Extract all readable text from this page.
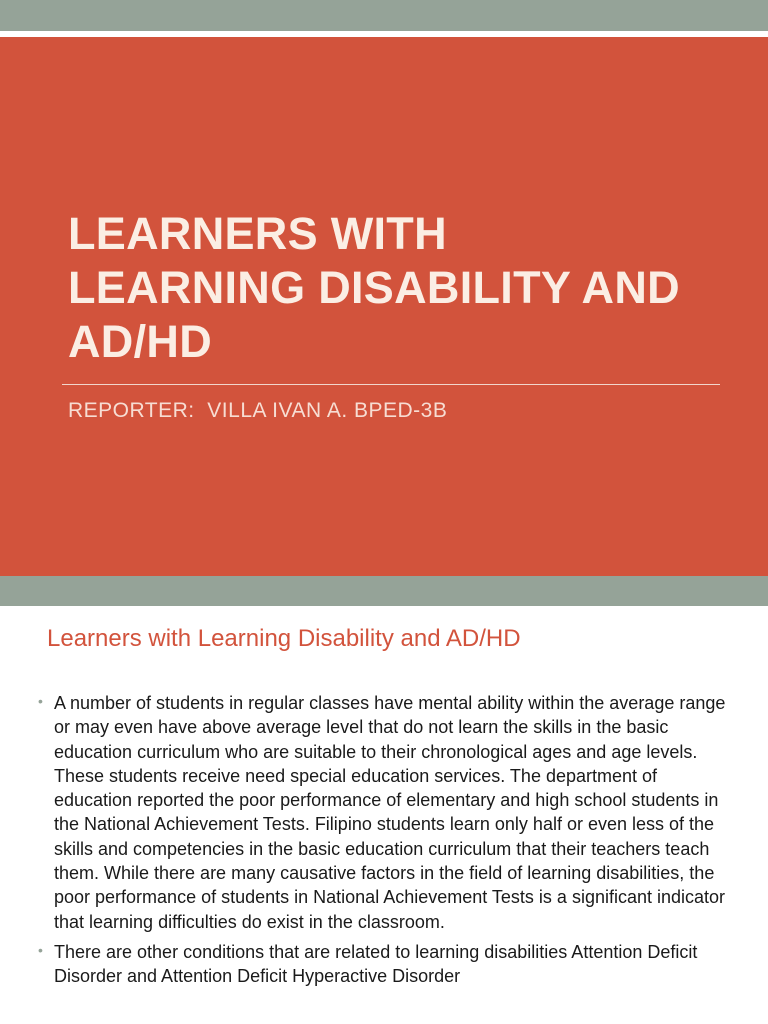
LEARNERS WITH
LEARNING DISABILITY AND
AD/HD
REPORTER:  VILLA IVAN A. BPED-3B
Learners with Learning Disability and AD/HD
• A number of students in regular classes have mental ability within the average range or may even have above average level that do not learn the skills in the basic education curriculum who are suitable to their chronological ages and age levels. These students receive need special education services. The department of education reported the poor performance of elementary and high school students in the National Achievement Tests. Filipino students learn only half or even less of the skills and competencies in the basic education curriculum that their teachers teach them. While there are many causative factors in the field of learning disabilities, the poor performance of students in National Achievement Tests is a significant indicator that learning difficulties do exist in the classroom.
• There are other conditions that are related to learning disabilities Attention Deficit Disorder and Attention Deficit Hyperactive Disorder
